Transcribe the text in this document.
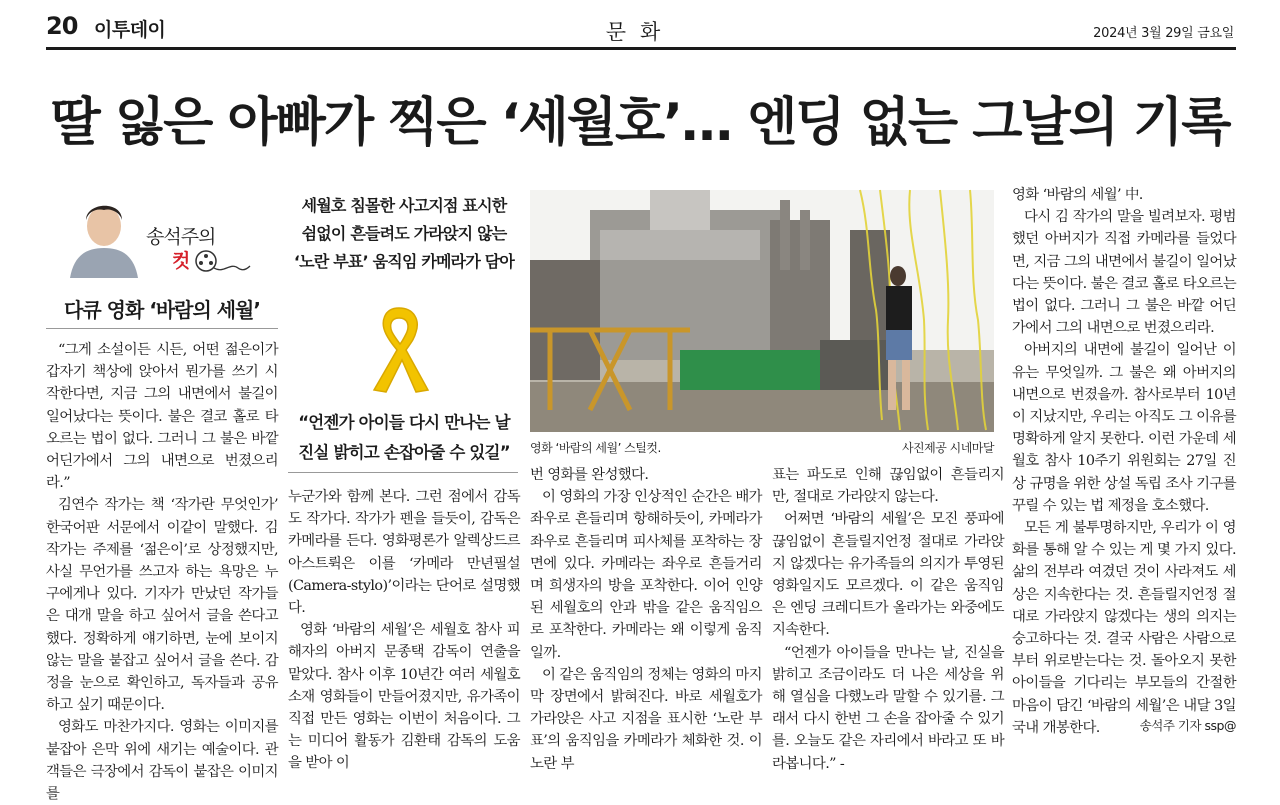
20 이투데이	문화	2024년 3월 29일 금요일
딸 잃은 아빠가 찍은 ‘세월호’… 엔딩 없는 그날의 기록
송석주의
컷
다큐 영화 ‘바람의 세월’

“그게 소설이든 시든, 어떤 젊은이가 갑자기 책상에 앉아서 뭔가를 쓰기 시작한다면, 지금 그의 내면에서 불길이 일어났다는 뜻이다. 불은 결코 홀로 타오르는 법이 없다. 그러니 그 불은 바깥 어딘가에서 그의 내면으로 번졌으리라.”

김연수 작가는 책 ‘작가란 무엇인가’ 한국어판 서문에서 이같이 말했다. 김 작가는 주제를 ‘젊은이’로 상정했지만, 사실 무언가를 쓰고자 하는 욕망은 누구에게나 있다. 기자가 만났던 작가들은 대개 말을 하고 싶어서 글을 쓴다고 했다. 정확하게 얘기하면, 눈에 보이지 않는 말을 붙잡고 싶어서 글을 쓴다. 감정을 눈으로 확인하고, 독자들과 공유하고 싶기 때문이다.

영화도 마찬가지다. 영화는 이미지를 붙잡아 은막 위에 새기는 예술이다. 관객들은 극장에서 감독이 붙잡은 이미지를

세월호 침몰한 사고지점 표시한
쉼없이 흔들려도 가라앉지 않는
‘노란 부표’ 움직임 카메라가 담아
“언젠가 아이들 다시 만나는 날
진실 밝히고 손잡아줄 수 있길”

누군가와 함께 본다. 그런 점에서 감독도 작가다. 작가가 펜을 들듯이, 감독은 카메라를 든다. 영화평론가 알렉상드르 아스트뤽은 이를 ‘카메라 만년필설(Camera-stylo)’이라는 단어로 설명했다.

영화 ‘바람의 세월’은 세월호 참사 피해자의 아버지 문종택 감독이 연출을 맡았다. 참사 이후 10년간 여러 세월호 소재 영화들이 만들어졌지만, 유가족이 직접 만든 영화는 이번이 처음이다. 그는 미디어 활동가 김환태 감독의 도움을 받아 이

영화 ‘바람의 세월’ 스틸컷.	사진제공 시네마달

번 영화를 완성했다.

이 영화의 가장 인상적인 순간은 배가 좌우로 흔들리며 항해하듯이, 카메라가 좌우로 흔들리며 피사체를 포착하는 장면에 있다. 카메라는 좌우로 흔들거리며 희생자의 방을 포착한다. 이어 인양된 세월호의 안과 밖을 같은 움직임으로 포착한다. 카메라는 왜 이렇게 움직일까.

이 같은 움직임의 정체는 영화의 마지막 장면에서 밝혀진다. 바로 세월호가 가라앉은 사고 지점을 표시한 ‘노란 부표’의 움직임을 카메라가 체화한 것. 이 노란 부

표는 파도로 인해 끊임없이 흔들리지만, 절대로 가라앉지 않는다.

어쩌면 ‘바람의 세월’은 모진 풍파에 끊임없이 흔들릴지언정 절대로 가라앉지 않겠다는 유가족들의 의지가 투영된 영화일지도 모르겠다. 이 같은 움직임은 엔딩 크레디트가 올라가는 와중에도 지속한다.

“언젠가 아이들을 만나는 날, 진실을 밝히고 조금이라도 더 나은 세상을 위해 열심을 다했노라 말할 수 있기를. 그래서 다시 한번 그 손을 잡아줄 수 있기를. 오늘도 같은 자리에서 바라고 또 바라봅니다.” -

영화 ‘바람의 세월’ 中.

다시 김 작가의 말을 빌려보자. 평범했던 아버지가 직접 카메라를 들었다면, 지금 그의 내면에서 불길이 일어났다는 뜻이다. 불은 결코 홀로 타오르는 법이 없다. 그러니 그 불은 바깥 어딘가에서 그의 내면으로 번졌으리라.

아버지의 내면에 불길이 일어난 이유는 무엇일까. 그 불은 왜 아버지의 내면으로 번졌을까. 참사로부터 10년이 지났지만, 우리는 아직도 그 이유를 명확하게 알지 못한다. 이런 가운데 세월호 참사 10주기 위원회는 27일 진상 규명을 위한 상설 독립 조사 기구를 꾸릴 수 있는 법 제정을 호소했다.

모든 게 불투명하지만, 우리가 이 영화를 통해 알 수 있는 게 몇 가지 있다. 삶의 전부라 여겼던 것이 사라져도 세상은 지속한다는 것. 흔들릴지언정 절대로 가라앉지 않겠다는 생의 의지는 숭고하다는 것. 결국 사람은 사람으로부터 위로받는다는 것. 돌아오지 못한 아이들을 기다리는 부모들의 간절한 마음이 담긴 ‘바람의 세월’은 내달 3일 국내 개봉한다.	송석주 기자 ssp@
